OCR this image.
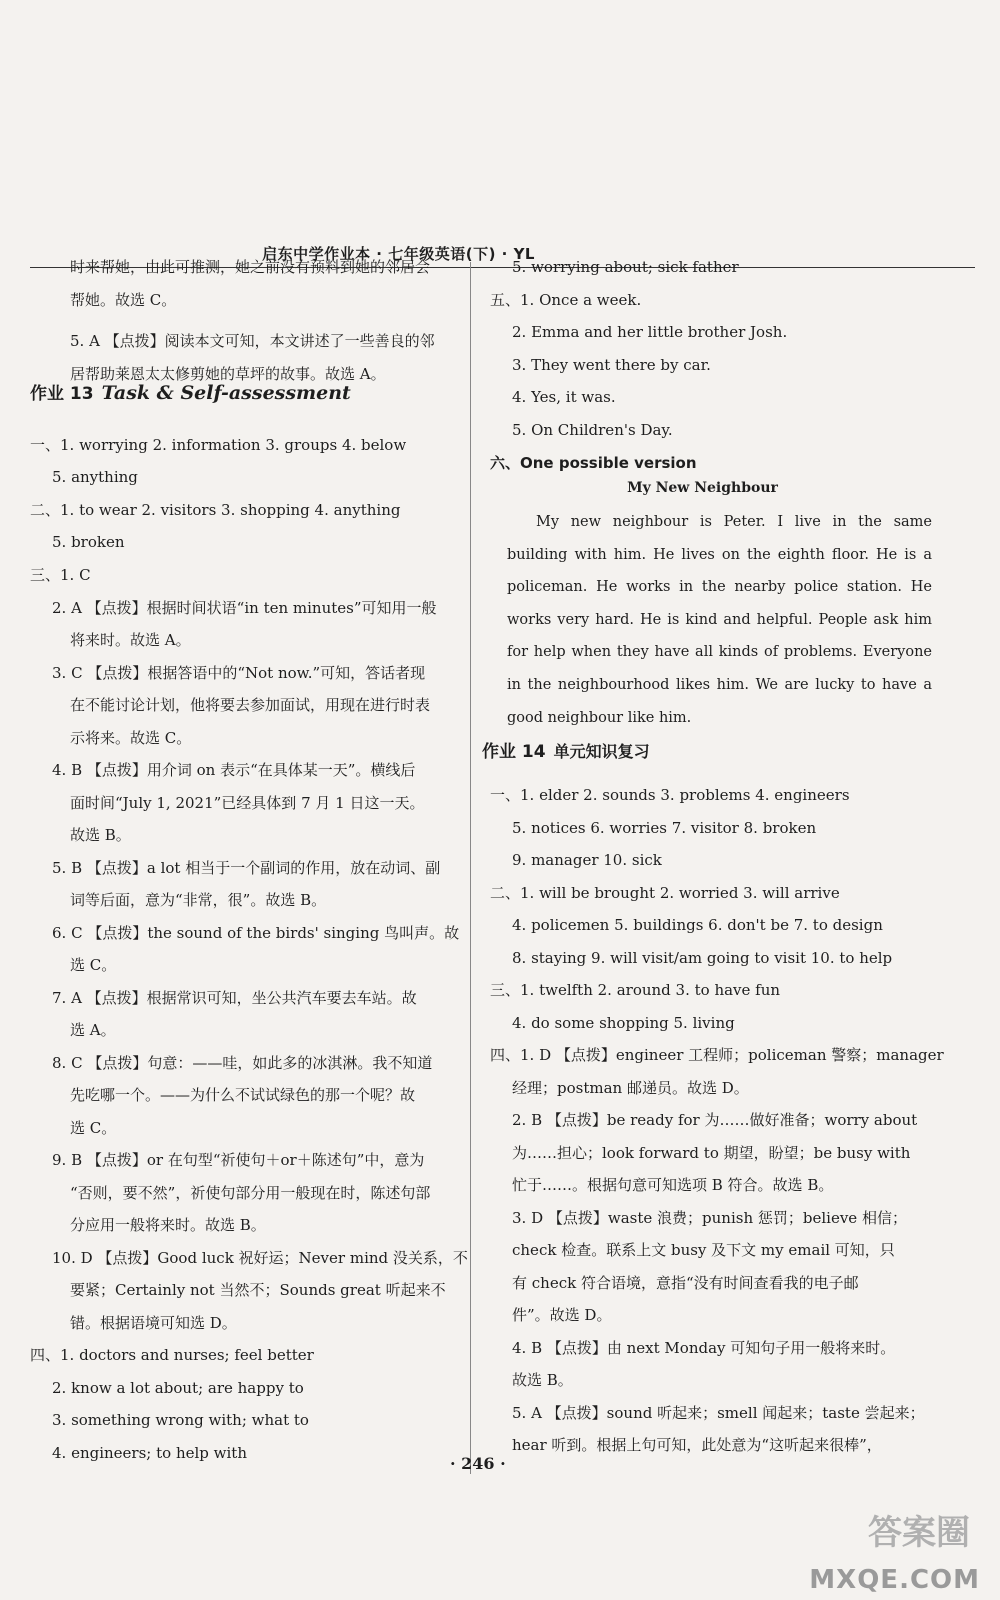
启东中学作业本 · 七年级英语(下) · YL
作业 13 Task & Self-assessment
时来帮她，由此可推测，她之前没有预料到她的邻居会
帮她。故选 C。
5. A 【点拨】阅读本文可知，本文讲述了一些善良的邻
居帮助莱恩太太修剪她的草坪的故事。故选 A。
一、1. worrying 2. information 3. groups 4. below
5. anything
二、1. to wear 2. visitors 3. shopping 4. anything
5. broken
三、1. C
2. A 【点拨】根据时间状语“in ten minutes”可知用一般
将来时。故选 A。
3. C 【点拨】根据答语中的“Not now.”可知，答话者现
在不能讨论计划，他将要去参加面试，用现在进行时表
示将来。故选 C。
4. B 【点拨】用介词 on 表示“在具体某一天”。横线后
面时间“July 1, 2021”已经具体到 7 月 1 日这一天。
故选 B。
5. B 【点拨】a lot 相当于一个副词的作用，放在动词、副
词等后面，意为“非常，很”。故选 B。
6. C 【点拨】the sound of the birds' singing 鸟叫声。故
选 C。
7. A 【点拨】根据常识可知，坐公共汽车要去车站。故
选 A。
8. C 【点拨】句意：——哇，如此多的冰淇淋。我不知道
先吃哪一个。——为什么不试试绿色的那一个呢？故
选 C。
9. B 【点拨】or 在句型“祈使句＋or＋陈述句”中，意为
“否则，要不然”，祈使句部分用一般现在时，陈述句部
分应用一般将来时。故选 B。
10. D 【点拨】Good luck 祝好运；Never mind 没关系，不
要紧；Certainly not 当然不；Sounds great 听起来不
错。根据语境可知选 D。
四、1. doctors and nurses; feel better
2. know a lot about; are happy to
3. something wrong with; what to
4. engineers; to help with
My New Neighbour

My new neighbour is Peter. I live in the same building with him. He lives on the eighth floor. He is a policeman. He works in the nearby police station. He works very hard. He is kind and helpful. People ask him for help when they have all kinds of problems. Everyone in the neighbourhood likes him. We are lucky to have a good neighbour like him.

作业 14 单元知识复习
5. worrying about; sick father
五、1. Once a week.
2. Emma and her little brother Josh.
3. They went there by car.
4. Yes, it was.
5. On Children's Day.
六、One possible version
一、1. elder 2. sounds 3. problems 4. engineers
5. notices 6. worries 7. visitor 8. broken
9. manager 10. sick
二、1. will be brought 2. worried 3. will arrive
4. policemen 5. buildings 6. don't be 7. to design
8. staying 9. will visit/am going to visit 10. to help
三、1. twelfth 2. around 3. to have fun
4. do some shopping 5. living
四、1. D 【点拨】engineer 工程师；policeman 警察；manager
经理；postman 邮递员。故选 D。
2. B 【点拨】be ready for 为……做好准备；worry about
为……担心；look forward to 期望，盼望；be busy with
忙于……。根据句意可知选项 B 符合。故选 B。
3. D 【点拨】waste 浪费；punish 惩罚；believe 相信；
check 检查。联系上文 busy 及下文 my email 可知，只
有 check 符合语境，意指“没有时间查看我的电子邮
件”。故选 D。
4. B 【点拨】由 next Monday 可知句子用一般将来时。
故选 B。
5. A 【点拨】sound 听起来；smell 闻起来；taste 尝起来；
hear 听到。根据上句可知，此处意为“这听起来很棒”，
· 246 ·
答案圈
MXQE.COM
